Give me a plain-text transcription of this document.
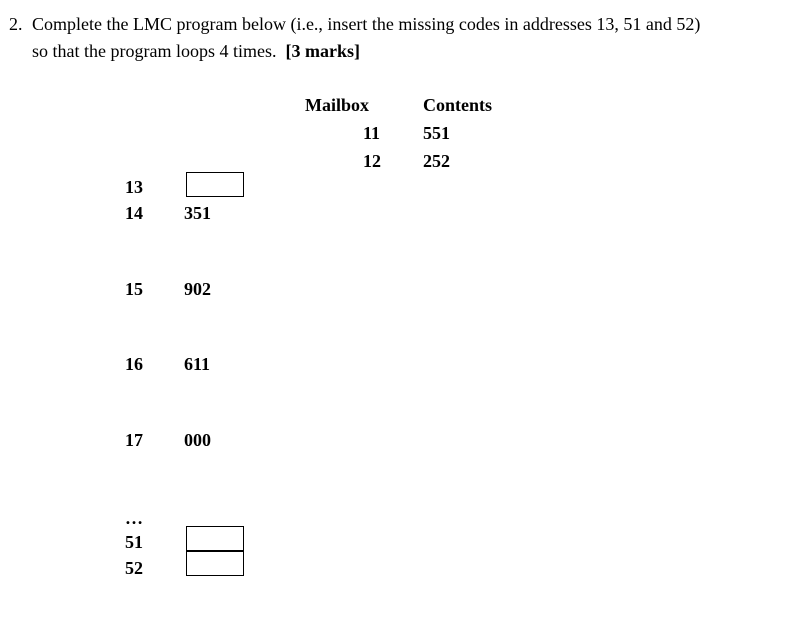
2. Complete the LMC program below (i.e., insert the missing codes in addresses 13, 51 and 52)
so that the program loops 4 times. [3 marks]
Mailbox	Contents
11 551
12 252
13
14 351
15 902
16 611
17 000
…
51
52
